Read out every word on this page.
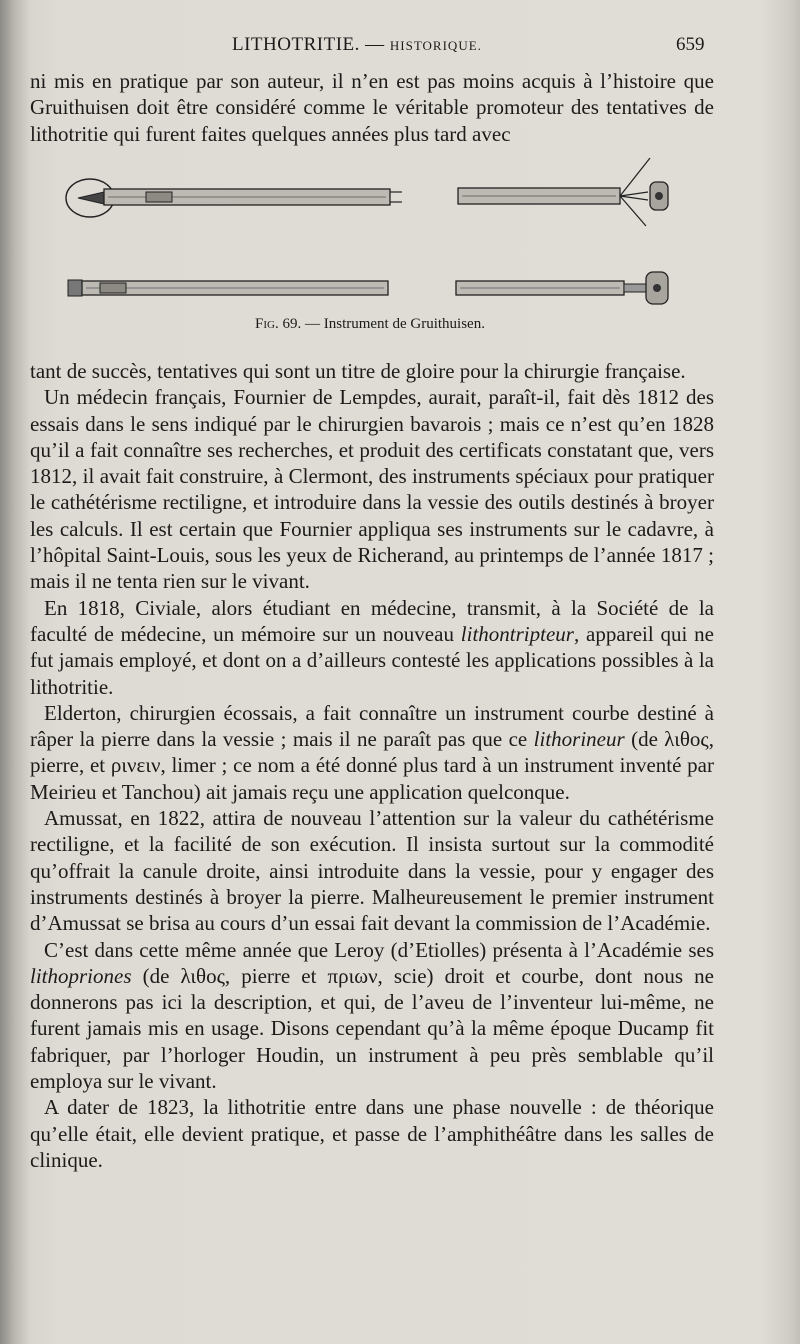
LITHOTRITIE. — HISTORIQUE.	659

ni mis en pratique par son auteur, il n’en est pas moins acquis à l’histoire que Gruithuisen doit être considéré comme le véritable promoteur des tentatives de lithotritie qui furent faites quelques années plus tard avec

Fig. 69. — Instrument de Gruithuisen.

tant de succès, tentatives qui sont un titre de gloire pour la chirurgie française.

Un médecin français, Fournier de Lempdes, aurait, paraît-il, fait dès 1812 des essais dans le sens indiqué par le chirurgien bavarois ; mais ce n’est qu’en 1828 qu’il a fait connaître ses recherches, et produit des certificats constatant que, vers 1812, il avait fait construire, à Clermont, des instruments spéciaux pour pratiquer le cathétérisme rectiligne, et introduire dans la vessie des outils destinés à broyer les calculs. Il est certain que Fournier appliqua ses instruments sur le cadavre, à l’hôpital Saint-Louis, sous les yeux de Richerand, au printemps de l’année 1817 ; mais il ne tenta rien sur le vivant.

En 1818, Civiale, alors étudiant en médecine, transmit, à la Société de la faculté de médecine, un mémoire sur un nouveau lithontripteur, appareil qui ne fut jamais employé, et dont on a d’ailleurs contesté les applications possibles à la lithotritie.

Elderton, chirurgien écossais, a fait connaître un instrument courbe destiné à râper la pierre dans la vessie ; mais il ne paraît pas que ce lithorineur (de λιθος, pierre, et ρινειν, limer ; ce nom a été donné plus tard à un instrument inventé par Meirieu et Tanchou) ait jamais reçu une application quelconque.

Amussat, en 1822, attira de nouveau l’attention sur la valeur du cathétérisme rectiligne, et la facilité de son exécution. Il insista surtout sur la commodité qu’offrait la canule droite, ainsi introduite dans la vessie, pour y engager des instruments destinés à broyer la pierre. Malheureusement le premier instrument d’Amussat se brisa au cours d’un essai fait devant la commission de l’Académie.

C’est dans cette même année que Leroy (d’Etiolles) présenta à l’Académie ses lithopriones (de λιθος, pierre et πριων, scie) droit et courbe, dont nous ne donnerons pas ici la description, et qui, de l’aveu de l’inventeur lui-même, ne furent jamais mis en usage. Disons cependant qu’à la même époque Ducamp fit fabriquer, par l’horloger Houdin, un instrument à peu près semblable qu’il employa sur le vivant.

A dater de 1823, la lithotritie entre dans une phase nouvelle : de théorique qu’elle était, elle devient pratique, et passe de l’amphithéâtre dans les salles de clinique.
